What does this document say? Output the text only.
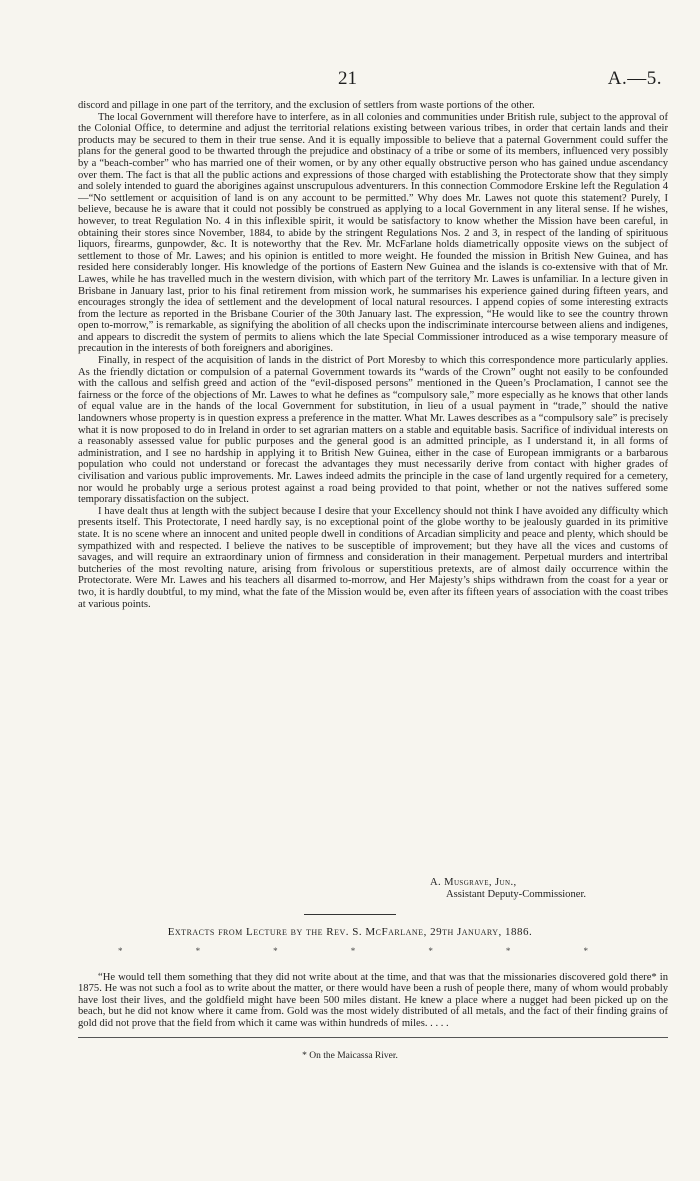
21	A.—5.

discord and pillage in one part of the territory, and the exclusion of settlers from waste portions of the other.

The local Government will therefore have to interfere, as in all colonies and communities under British rule, subject to the approval of the Colonial Office, to determine and adjust the territorial relations existing between various tribes, in order that certain lands and their products may be secured to them in their true sense. And it is equally impossible to believe that a paternal Government could suffer the plans for the general good to be thwarted through the prejudice and obstinacy of a tribe or some of its members, influenced very possibly by a “beach-comber” who has married one of their women, or by any other equally obstructive person who has gained undue ascendancy over them. The fact is that all the public actions and expressions of those charged with establishing the Protectorate show that they simply and solely intended to guard the aborigines against unscrupulous adventurers. In this connection Commodore Erskine left the Regulation 4—“No settlement or acquisition of land is on any account to be permitted.” Why does Mr. Lawes not quote this statement? Purely, I believe, because he is aware that it could not possibly be construed as applying to a local Government in any literal sense. If he wishes, however, to treat Regulation No. 4 in this inflexible spirit, it would be satisfactory to know whether the Mission have been careful, in obtaining their stores since November, 1884, to abide by the stringent Regulations Nos. 2 and 3, in respect of the landing of spirituous liquors, firearms, gunpowder, &c. It is noteworthy that the Rev. Mr. McFarlane holds diametrically opposite views on the subject of settlement to those of Mr. Lawes; and his opinion is entitled to more weight. He founded the mission in British New Guinea, and has resided here considerably longer. His knowledge of the portions of Eastern New Guinea and the islands is co-extensive with that of Mr. Lawes, while he has travelled much in the western division, with which part of the territory Mr. Lawes is unfamiliar. In a lecture given in Brisbane in January last, prior to his final retirement from mission work, he summarises his experience gained during fifteen years, and encourages strongly the idea of settlement and the development of local natural resources. I append copies of some interesting extracts from the lecture as reported in the Brisbane Courier of the 30th January last. The expression, “He would like to see the country thrown open to-morrow,” is remarkable, as signifying the abolition of all checks upon the indiscriminate intercourse between aliens and indigenes, and appears to discredit the system of permits to aliens which the late Special Commissioner introduced as a wise temporary measure of precaution in the interests of both foreigners and aborigines.

Finally, in respect of the acquisition of lands in the district of Port Moresby to which this correspondence more particularly applies. As the friendly dictation or compulsion of a paternal Government towards its “wards of the Crown” ought not easily to be confounded with the callous and selfish greed and action of the “evil-disposed persons” mentioned in the Queen’s Proclamation, I cannot see the fairness or the force of the objections of Mr. Lawes to what he defines as “compulsory sale,” more especially as he knows that other lands of equal value are in the hands of the local Government for substitution, in lieu of a usual payment in “trade,” should the native landowners whose property is in question express a preference in the matter. What Mr. Lawes describes as a “compulsory sale” is precisely what it is now proposed to do in Ireland in order to set agrarian matters on a stable and equitable basis. Sacrifice of individual interests on a reasonably assessed value for public purposes and the general good is an admitted principle, as I understand it, in all forms of administration, and I see no hardship in applying it to British New Guinea, either in the case of European immigrants or a barbarous population who could not understand or forecast the advantages they must necessarily derive from contact with higher grades of civilisation and various public improvements. Mr. Lawes indeed admits the principle in the case of land urgently required for a cemetery, nor would he probably urge a serious protest against a road being provided to that point, whether or not the natives suffered some temporary dissatisfaction on the subject.

I have dealt thus at length with the subject because I desire that your Excellency should not think I have avoided any difficulty which presents itself. This Protectorate, I need hardly say, is no exceptional point of the globe worthy to be jealously guarded in its primitive state. It is no scene where an innocent and united people dwell in conditions of Arcadian simplicity and peace and plenty, which should be sympathized with and respected. I believe the natives to be susceptible of improvement; but they have all the vices and customs of savages, and will require an extraordinary union of firmness and consideration in their management. Perpetual murders and intertribal butcheries of the most revolting nature, arising from frivolous or superstitious pretexts, are of almost daily occurrence within the Protectorate. Were Mr. Lawes and his teachers all disarmed to-morrow, and Her Majesty’s ships withdrawn from the coast for a year or two, it is hardly doubtful, to my mind, what the fate of the Mission would be, even after its fifteen years of association with the coast tribes at various points.

A. Musgrave, Jun.,
Assistant Deputy-Commissioner.
Extracts from Lecture by the Rev. S. McFarlane, 29th January, 1886.
*	*	*	*	*	*	*

“He would tell them something that they did not write about at the time, and that was that the missionaries discovered gold there* in 1875. He was not such a fool as to write about the matter, or there would have been a rush of people there, many of whom would probably have lost their lives, and the goldfield might have been 500 miles distant. He knew a place where a nugget had been picked up on the beach, but he did not know where it came from. Gold was the most widely distributed of all metals, and the fact of their finding grains of gold did not prove that the field from which it came was within hundreds of miles. . . . .

* On the Maicassa River.
